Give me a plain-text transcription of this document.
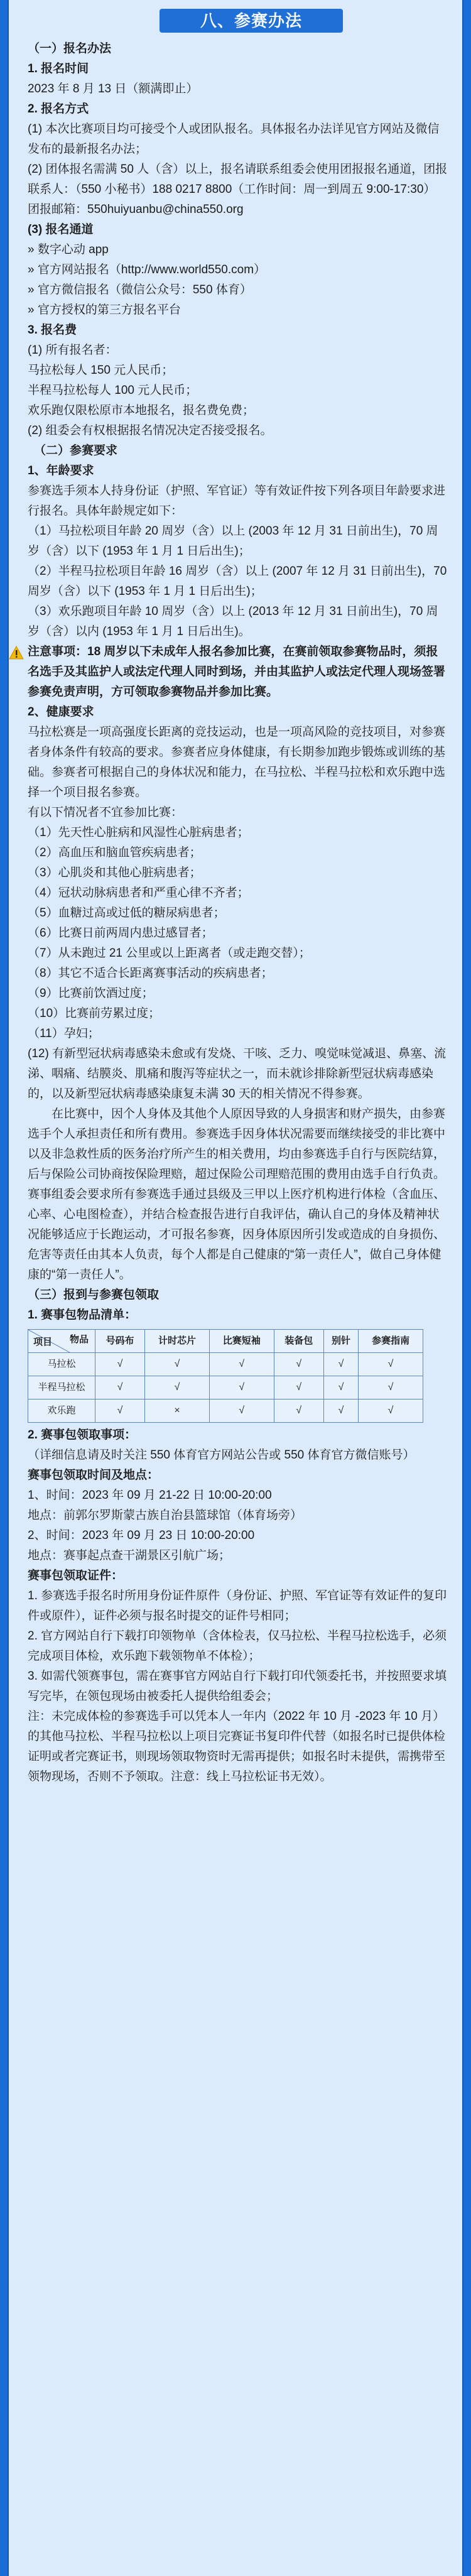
八、参赛办法

（一）报名办法

1. 报名时间

2023 年 8 月 13 日（额满即止）

2. 报名方式

(1) 本次比赛项目均可接受个人或团队报名。具体报名办法详见官方网站及微信发布的最新报名办法；

(2) 团体报名需满 50 人（含）以上，报名请联系组委会使用团报报名通道，团报联系人：（550 小秘书）188 0217 8800（工作时间：周一到周五 9:00-17:30）

团报邮箱：550huiyuanbu@china550.org

(3) 报名通道

» 数字心动 app

» 官方网站报名（http://www.world550.com）

» 官方微信报名（微信公众号：550 体育）

» 官方授权的第三方报名平台

3. 报名费

(1) 所有报名者：

马拉松每人 150 元人民币；

半程马拉松每人 100 元人民币；

欢乐跑仅限松原市本地报名，报名费免费；

(2) 组委会有权根据报名情况决定否接受报名。

（二）参赛要求

1、年龄要求

参赛选手须本人持身份证（护照、军官证）等有效证件按下列各项目年龄要求进行报名。具体年龄规定如下：

（1）马拉松项目年龄 20 周岁（含）以上 (2003 年 12 月 31 日前出生)，70 周岁（含）以下 (1953 年 1 月 1 日后出生)；

（2）半程马拉松项目年龄 16 周岁（含）以上 (2007 年 12 月 31 日前出生)，70 周岁（含）以下 (1953 年 1 月 1 日后出生)；

（3）欢乐跑项目年龄 10 周岁（含）以上 (2013 年 12 月 31 日前出生)，70 周岁（含）以内 (1953 年 1 月 1 日后出生)。

注意事项：18 周岁以下未成年人报名参加比赛，在赛前领取参赛物品时，须报名选手及其监护人或法定代理人同时到场，并由其监护人或法定代理人现场签署参赛免责声明，方可领取参赛物品并参加比赛。

2、健康要求

马拉松赛是一项高强度长距离的竞技运动，也是一项高风险的竞技项目，对参赛者身体条件有较高的要求。参赛者应身体健康，有长期参加跑步锻炼或训练的基础。参赛者可根据自己的身体状况和能力，在马拉松、半程马拉松和欢乐跑中选择一个项目报名参赛。

有以下情况者不宜参加比赛：

（1）先天性心脏病和风湿性心脏病患者；

（2）高血压和脑血管疾病患者；

（3）心肌炎和其他心脏病患者；

（4）冠状动脉病患者和严重心律不齐者；

（5）血糖过高或过低的糖尿病患者；

（6）比赛日前两周内患过感冒者；

（7）从未跑过 21 公里或以上距离者（或走跑交替）；

（8）其它不适合长距离赛事活动的疾病患者；

（9）比赛前饮酒过度；

（10）比赛前劳累过度；

（11）孕妇；

(12) 有新型冠状病毒感染未愈或有发烧、干咳、乏力、嗅觉味觉减退、鼻塞、流涕、咽痛、结膜炎、肌痛和腹泻等症状之一，而未就诊排除新型冠状病毒感染的，以及新型冠状病毒感染康复未满 30 天的相关情况不得参赛。

在比赛中，因个人身体及其他个人原因导致的人身损害和财产损失，由参赛选手个人承担责任和所有费用。参赛选手因身体状况需要而继续接受的非比赛中以及非急救性质的医务治疗所产生的相关费用，均由参赛选手自行与医院结算，后与保险公司协商按保险理赔，超过保险公司理赔范围的费用由选手自行负责。赛事组委会要求所有参赛选手通过县级及三甲以上医疗机构进行体检（含血压、心率、心电图检查），并结合检查报告进行自我评估，确认自己的身体及精神状况能够适应于长跑运动，才可报名参赛，因身体原因所引发或造成的自身损伤、危害等责任由其本人负责，每个人都是自己健康的“第一责任人”，做自己身体健康的“第一责任人”。

（三）报到与参赛包领取

1. 赛事包物品清单：

物品
项目	号码布	计时芯片	比赛短袖	装备包	别针	参赛指南
马拉松	√	√	√	√	√	√
半程马拉松	√	√	√	√	√	√
欢乐跑	√	×	√	√	√	√

2. 赛事包领取事项：

（详细信息请及时关注 550 体育官方网站公告或 550 体育官方微信账号）

赛事包领取时间及地点：

1、时间：2023 年 09 月 21-22 日 10:00-20:00

地点：前郭尔罗斯蒙古族自治县篮球馆（体育场旁）

2、时间：2023 年 09 月 23 日 10:00-20:00

地点：赛事起点查干湖景区引航广场；

赛事包领取证件：

1. 参赛选手报名时所用身份证件原件（身份证、护照、军官证等有效证件的复印件或原件），证件必须与报名时提交的证件号相同；

2. 官方网站自行下载打印领物单（含体检表，仅马拉松、半程马拉松选手，必须完成项目体检，欢乐跑下载领物单不体检）；

3. 如需代领赛事包，需在赛事官方网站自行下载打印代领委托书，并按照要求填写完毕，在领包现场由被委托人提供给组委会；

注：未完成体检的参赛选手可以凭本人一年内（2022 年 10 月 -2023 年 10 月）的其他马拉松、半程马拉松以上项目完赛证书复印件代替（如报名时已提供体检证明或者完赛证书，则现场领取物资时无需再提供；如报名时未提供，需携带至领物现场，否则不予领取。注意：线上马拉松证书无效）。
